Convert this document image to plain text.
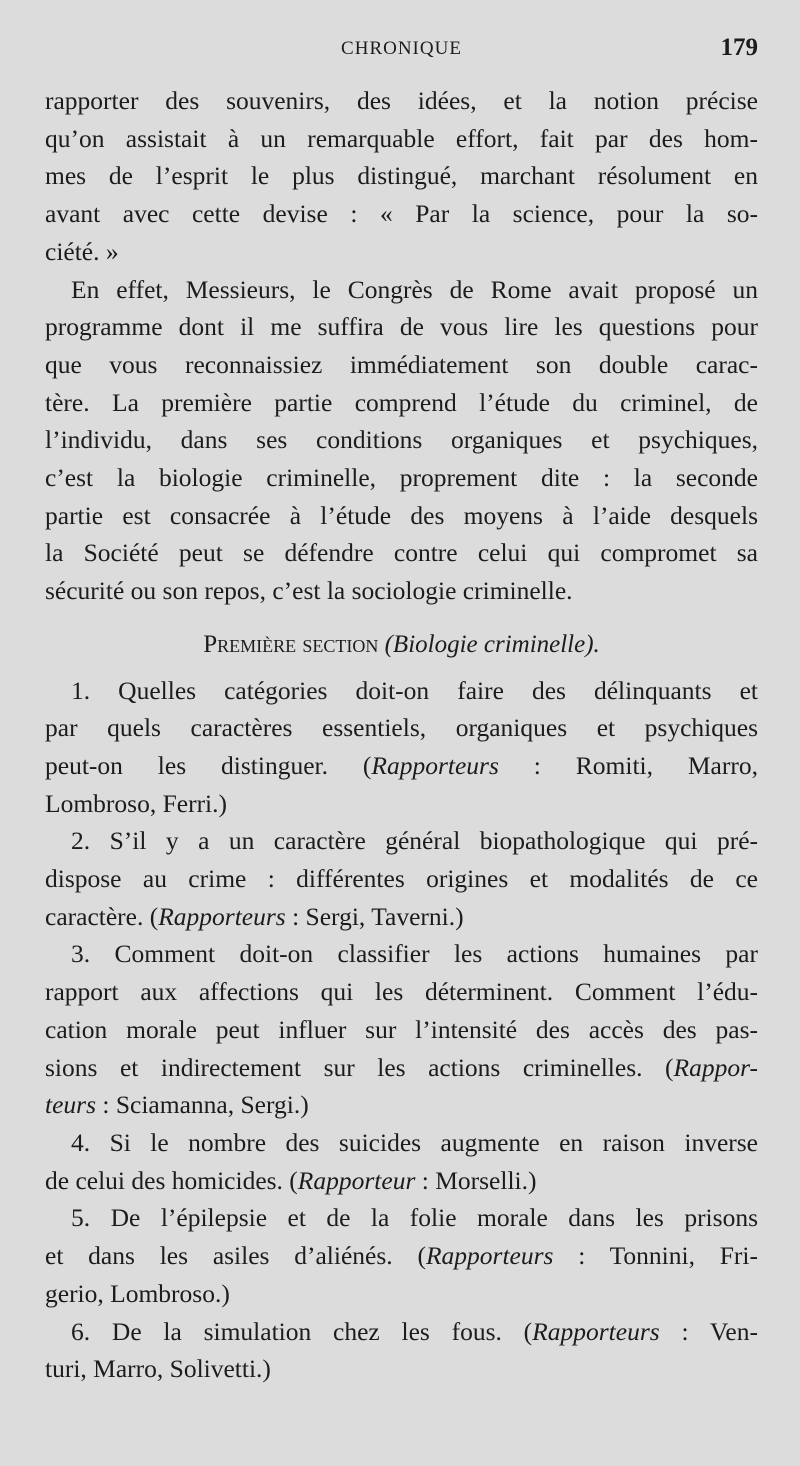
CHRONIQUE	179
rapporter des souvenirs, des idées, et la notion précise
qu’on assistait à un remarquable effort, fait par des hom-
mes de l’esprit le plus distingué, marchant résolument en
avant avec cette devise : « Par la science, pour la so-
ciété. »
En effet, Messieurs, le Congrès de Rome avait proposé un
programme dont il me suffira de vous lire les questions pour
que vous reconnaissiez immédiatement son double carac-
tère. La première partie comprend l’étude du criminel, de
l’individu, dans ses conditions organiques et psychiques,
c’est la biologie criminelle, proprement dite : la seconde
partie est consacrée à l’étude des moyens à l’aide desquels
la Société peut se défendre contre celui qui compromet sa
sécurité ou son repos, c’est la sociologie criminelle.
Première section (Biologie criminelle).
1. Quelles catégories doit-on faire des délinquants et
par quels caractères essentiels, organiques et psychiques
peut-on les distinguer. (Rapporteurs : Romiti, Marro,
Lombroso, Ferri.)
2. S’il y a un caractère général biopathologique qui pré-
dispose au crime : différentes origines et modalités de ce
caractère. (Rapporteurs : Sergi, Taverni.)
3. Comment doit-on classifier les actions humaines par
rapport aux affections qui les déterminent. Comment l’édu-
cation morale peut influer sur l’intensité des accès des pas-
sions et indirectement sur les actions criminelles. (Rappor-
teurs : Sciamanna, Sergi.)
4. Si le nombre des suicides augmente en raison inverse
de celui des homicides. (Rapporteur : Morselli.)
5. De l’épilepsie et de la folie morale dans les prisons
et dans les asiles d’aliénés. (Rapporteurs : Tonnini, Fri-
gerio, Lombroso.)
6. De la simulation chez les fous. (Rapporteurs : Ven-
turi, Marro, Solivetti.)
